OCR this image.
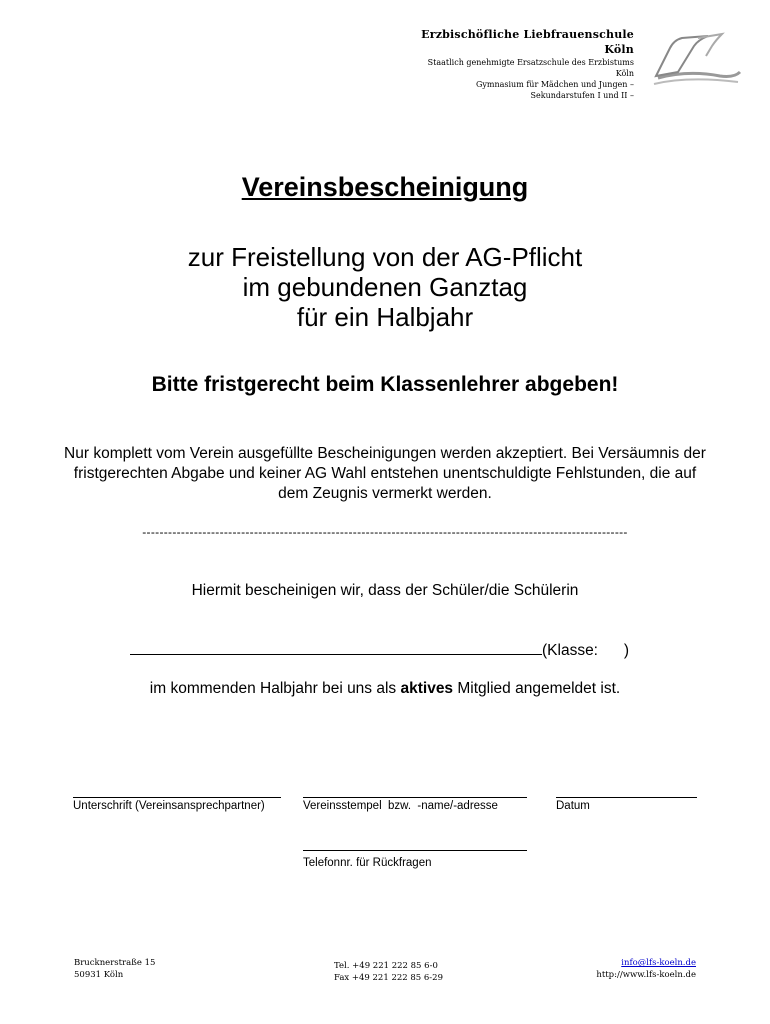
Erzbischöfliche Liebfrauenschule
Köln
Staatlich genehmigte Ersatzschule des Erzbistums
Köln
Gymnasium für Mädchen und Jungen –
Sekundarstufen I und II –
Vereinsbescheinigung
zur Freistellung von der AG-Pflicht
im gebundenen Ganztag
für ein Halbjahr
Bitte fristgerecht beim Klassenlehrer abgeben!
Nur komplett vom Verein ausgefüllte Bescheinigungen werden akzeptiert. Bei Versäumnis der fristgerechten Abgabe und keiner AG Wahl entstehen unentschuldigte Fehlstunden, die auf dem Zeugnis vermerkt werden.
-----------------------------------------------------------------------------------------------------------------
Hiermit bescheinigen wir, dass der Schüler/die Schülerin
(Klasse:      )
im kommenden Halbjahr bei uns als aktives Mitglied angemeldet ist.
Unterschrift (Vereinsansprechpartner)	Vereinsstempel  bzw.  -name/-adresse	Datum
Telefonnr. für Rückfragen
Brucknerstraße 15
50931 Köln
Tel. +49 221 222 85 6-0
Fax +49 221 222 85 6-29
info@lfs-koeln.de
http://www.lfs-koeln.de
